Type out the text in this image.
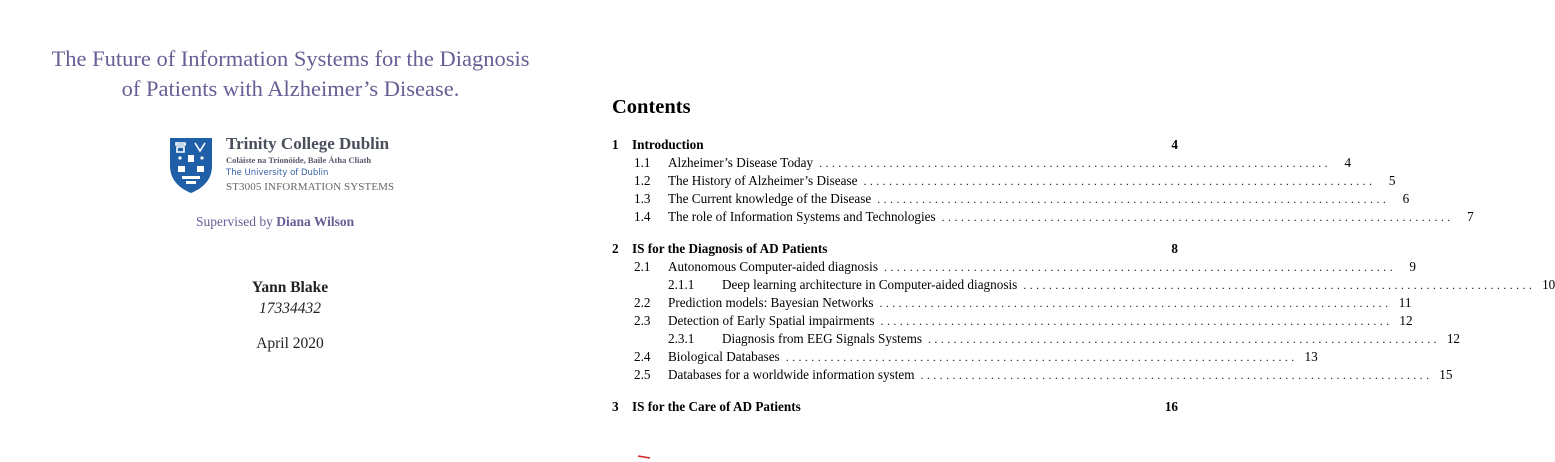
The Future of Information Systems for the Diagnosis
of Patients with Alzheimer’s Disease.
Trinity College Dublin
Coláiste na Tríonóide, Baile Átha Cliath
The University of Dublin
ST3005 INFORMATION SYSTEMS
Supervised by Diana Wilson
Yann Blake
17334432
April 2020
Contents
1	Introduction	4
1.1	Alzheimer’s Disease Today ................................................................................	4
1.2	The History of Alzheimer’s Disease ................................................................................	5
1.3	The Current knowledge of the Disease ................................................................................	6
1.4	The role of Information Systems and Technologies ................................................................................	7
2	IS for the Diagnosis of AD Patients	8
2.1	Autonomous Computer-aided diagnosis ................................................................................	9
2.1.1	Deep learning architecture in Computer-aided diagnosis ................................................................................ 10
2.2	Prediction models: Bayesian Networks ................................................................................ 11
2.3	Detection of Early Spatial impairments ................................................................................ 12
2.3.1	Diagnosis from EEG Signals Systems ................................................................................ 12
2.4	Biological Databases ................................................................................ 13
2.5	Databases for a worldwide information system ................................................................................ 15
3	IS for the Care of AD Patients	16
